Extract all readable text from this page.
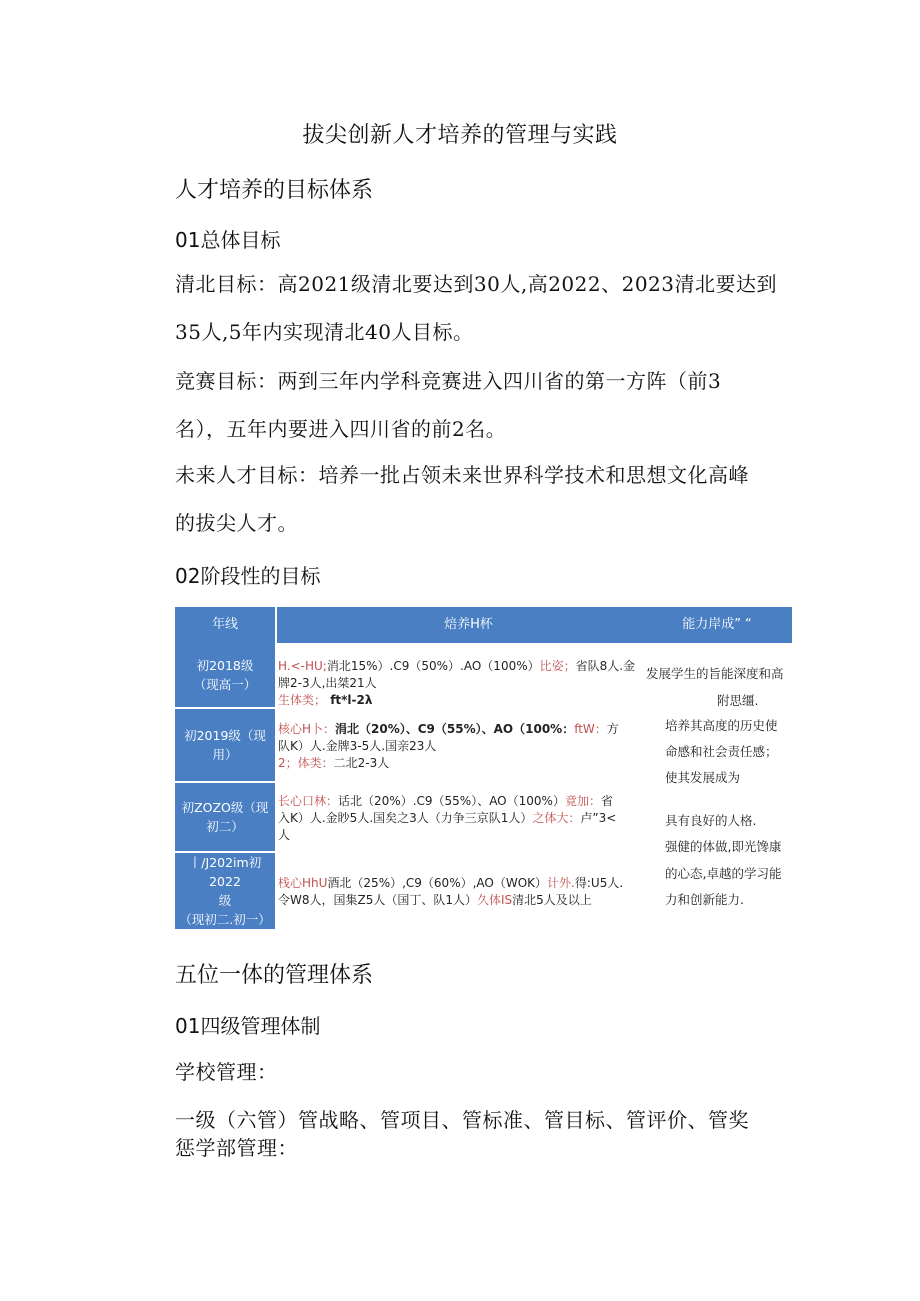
拔尖创新人才培养的管理与实践
人才培养的目标体系
01总体目标
清北目标：高2021级清北要达到30人,高2022、2023清北要达到
35人,5年内实现清北40人目标。
竞赛目标：两到三年内学科竞赛进入四川省的第一方阵（前3
名），五年内要进入四川省的前2名。
未来人才目标：培养一批占领未来世界科学技术和思想文化高峰
的拔尖人才。
02阶段性的目标
年线	焙养H杯	能力岸成” “
初2018级
（现高一）
初2019级（现
用）
初ZOZO级（现
初二）
丨/J202im初2022
级
（现初二.初一）
H.<-HU;消北15%）.C9（50%）.AO（100%）比姿；省队8人.金
牌2-3人,出桀21人
生体类； ft*l-2λ
核心H卜：涓北（20%）、C9（55%）、AO（100%：ftW：方
队K）人.金牌3-5人.国亲23人
2；体类：二北2-3人
长心口林：话北（20%）.C9（55%）、AO（100%）竟加：省
入K）人.金眇5人.国矣之3人（力争三京队1人）之体大：卢”3<
人
栈心HhU酒北（25%）,C9（60%）,AO（WOK）计外.得:U5人.
令W8人，国集Z5人（国丁、队1人）久体IS清北5人及以上
发展学生的旨能深度和高
附思缰.
培养其高度的历史使
命感和社会责任感；
使其发展成为
具有良好的人格.
强健的体做,即光馋康
的心态,卓越的学习能
力和创新能力.
五位一体的管理体系
01四级管理体制
学校管理：
一级（六管）管战略、管项目、管标准、管目标、管评价、管奖
惩学部管理：
